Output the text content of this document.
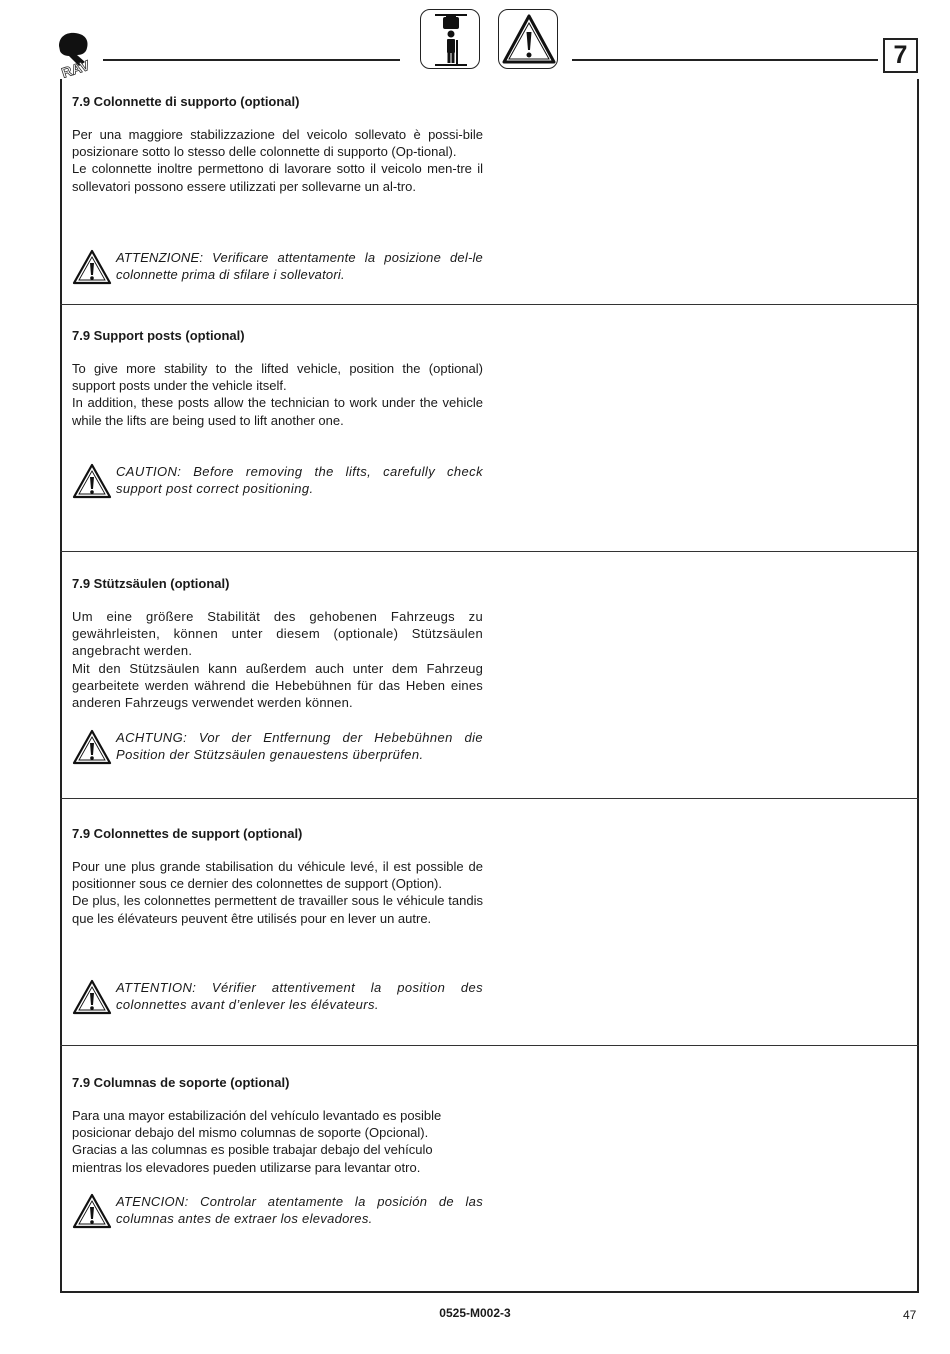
RAV	7
7.9 Colonnette di supporto (optional)

Per una maggiore stabilizzazione del veicolo sollevato è possi-bile posizionare sotto lo stesso delle colonnette di supporto (Op-tional).

Le colonnette inoltre permettono di lavorare sotto il veicolo men-tre il sollevatori possono essere utilizzati per sollevarne un al-tro.

ATTENZIONE: Verificare attentamente la posizione del-le colonnette prima di sfilare i sollevatori.

7.9 Support posts (optional)

To give more stability to the lifted vehicle, position the (optional) support posts under the vehicle itself.

In addition, these posts allow the technician to work under the vehicle while the lifts are being used to lift another one.

CAUTION: Before removing the lifts, carefully check support post correct positioning.

7.9 Stützsäulen (optional)

Um eine größere Stabilität des gehobenen Fahrzeugs zu gewährleisten, können unter diesem (optionale) Stützsäulen angebracht werden.

Mit den Stützsäulen kann außerdem auch unter dem Fahrzeug gearbeitete werden während die Hebebühnen für das Heben eines anderen Fahrzeugs verwendet werden können.

ACHTUNG: Vor der Entfernung der Hebebühnen die Position der Stützsäulen genauestens überprüfen.

7.9 Colonnettes de support (optional)

Pour une plus grande stabilisation du véhicule levé, il est possible de positionner sous ce dernier des colonnettes de support (Option).

De plus, les colonnettes permettent de travailler sous le véhicule tandis que les élévateurs peuvent être utilisés pour en lever un autre.

ATTENTION: Vérifier attentivement la position des colonnettes avant d’enlever les élévateurs.

7.9 Columnas de soporte (optional)

Para una mayor estabilización del vehículo levantado es posible posicionar debajo del mismo columnas de soporte (Opcional).

Gracias a las columnas es posible trabajar debajo del vehículo mientras los elevadores pueden utilizarse para levantar otro.

ATENCION: Controlar atentamente la posición de las columnas antes de extraer los elevadores.

0525-M002-3	47
